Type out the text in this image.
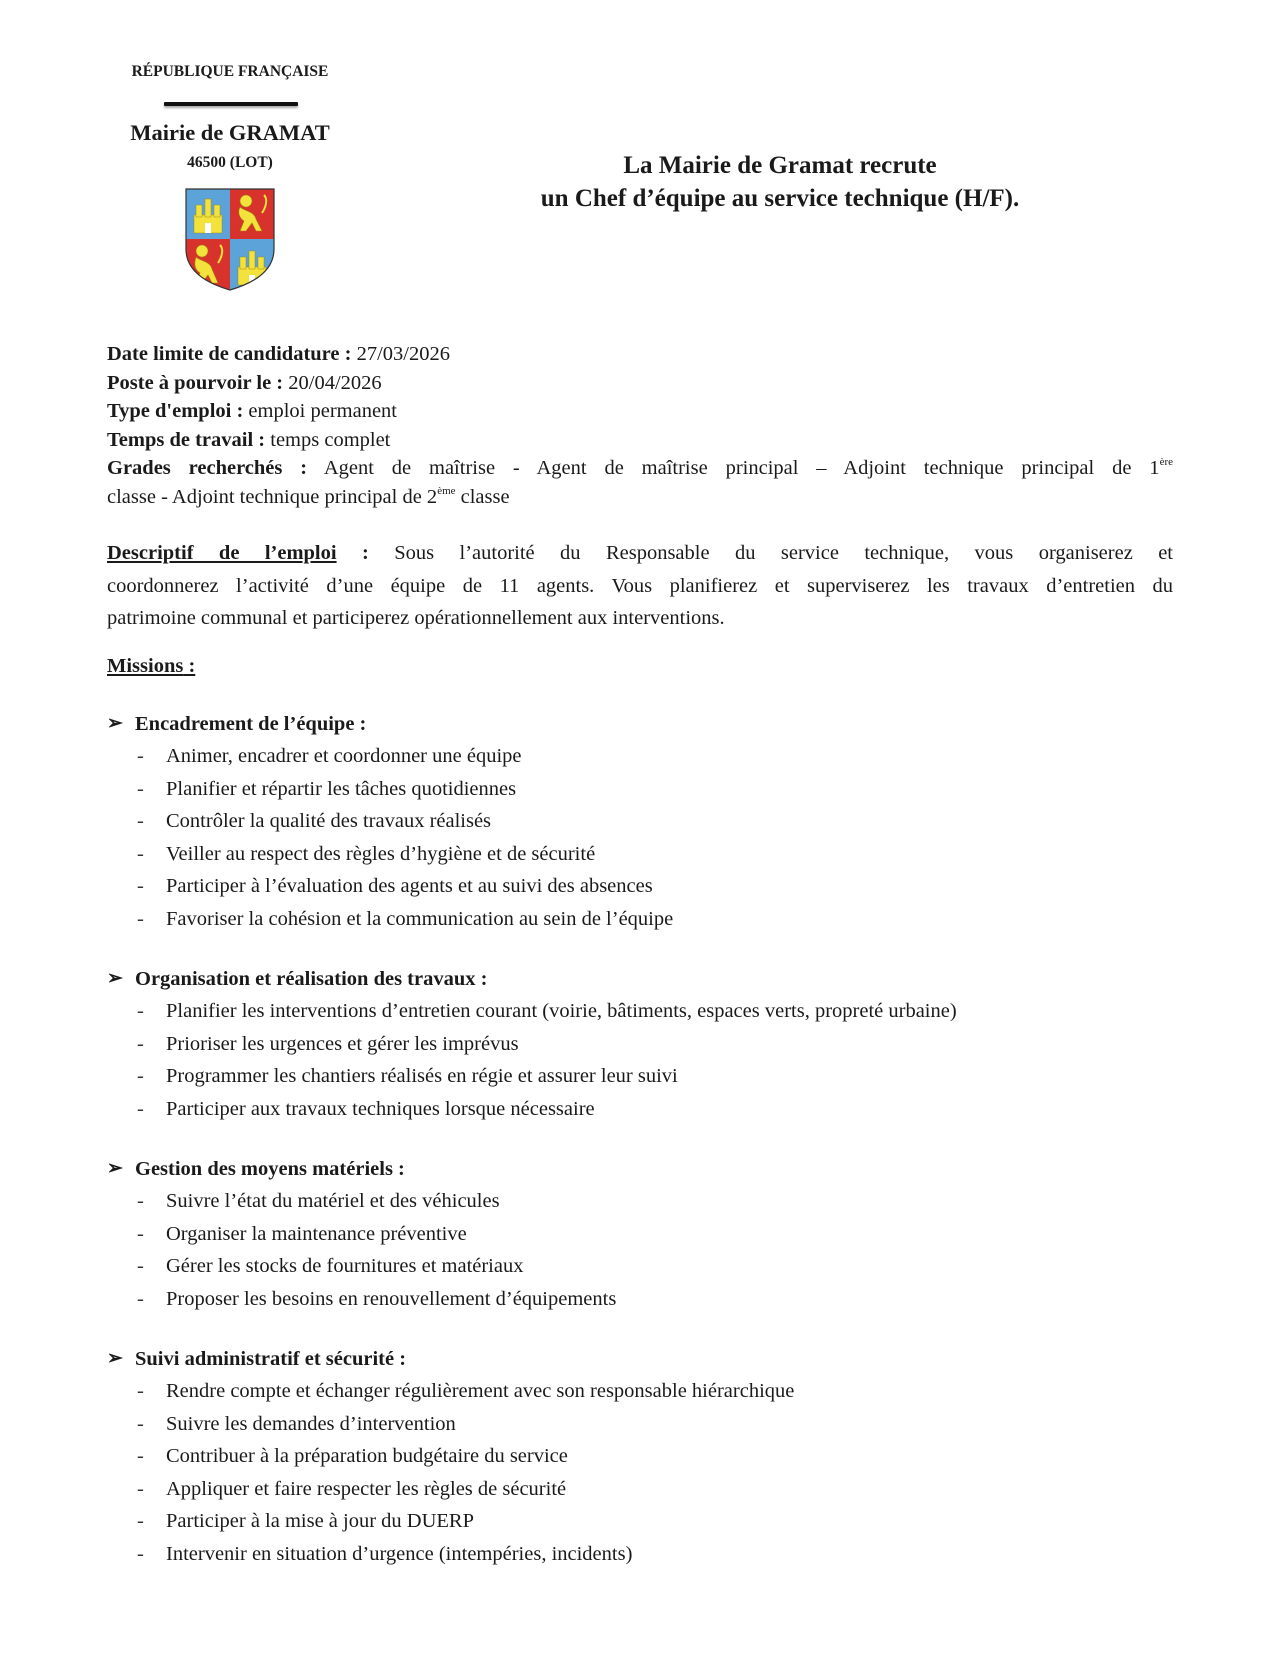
RÉPUBLIQUE FRANÇAISE
Mairie de GRAMAT
46500 (LOT)	La Mairie de Gramat recrute
un Chef d’équipe au service technique (H/F).
Date limite de candidature : 27/03/2026
Poste à pourvoir le : 20/04/2026
Type d'emploi : emploi permanent
Temps de travail : temps complet
Grades recherchés : Agent de maîtrise - Agent de maîtrise principal – Adjoint technique principal de 1ère
classe - Adjoint technique principal de 2ème classe
Descriptif de l’emploi : Sous l’autorité du Responsable du service technique, vous organiserez et
coordonnerez l’activité d’une équipe de 11 agents. Vous planifierez et superviserez les travaux d’entretien du
patrimoine communal et participerez opérationnellement aux interventions.
Missions :
➢ Encadrement de l’équipe :
-	Animer, encadrer et coordonner une équipe
-	Planifier et répartir les tâches quotidiennes
-	Contrôler la qualité des travaux réalisés
-	Veiller au respect des règles d’hygiène et de sécurité
-	Participer à l’évaluation des agents et au suivi des absences
-	Favoriser la cohésion et la communication au sein de l’équipe
➢ Organisation et réalisation des travaux :
-	Planifier les interventions d’entretien courant (voirie, bâtiments, espaces verts, propreté urbaine)
-	Prioriser les urgences et gérer les imprévus
-	Programmer les chantiers réalisés en régie et assurer leur suivi
-	Participer aux travaux techniques lorsque nécessaire
➢ Gestion des moyens matériels :
-	Suivre l’état du matériel et des véhicules
-	Organiser la maintenance préventive
-	Gérer les stocks de fournitures et matériaux
-	Proposer les besoins en renouvellement d’équipements
➢ Suivi administratif et sécurité :
-	Rendre compte et échanger régulièrement avec son responsable hiérarchique
-	Suivre les demandes d’intervention
-	Contribuer à la préparation budgétaire du service
-	Appliquer et faire respecter les règles de sécurité
-	Participer à la mise à jour du DUERP
-	Intervenir en situation d’urgence (intempéries, incidents)
